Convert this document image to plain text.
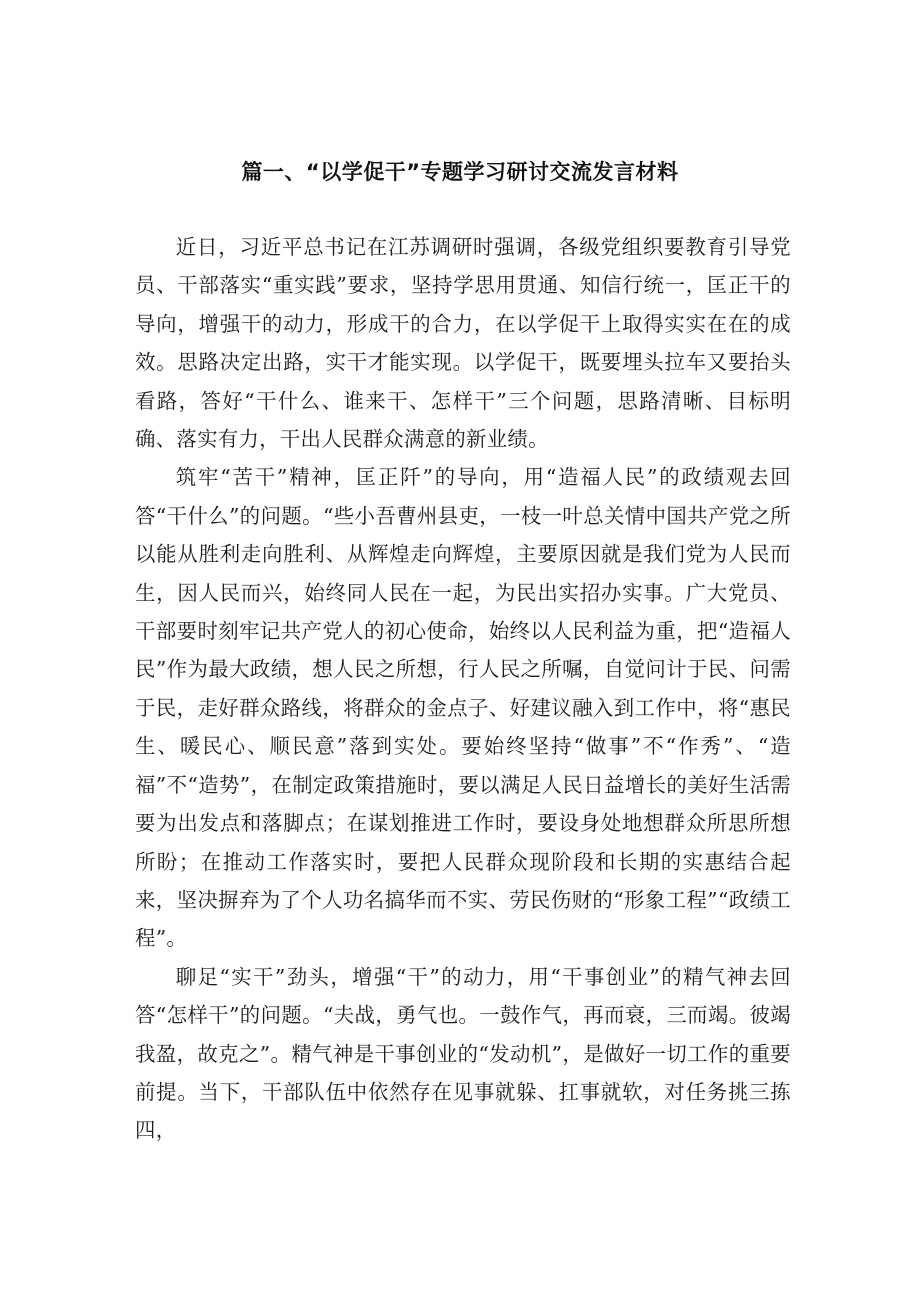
篇一、“以学促干”专题学习研讨交流发言材料

近日，习近平总书记在江苏调研时强调，各级党组织要教育引导党员、干部落实“重实践”要求，坚持学思用贯通、知信行统一，匡正干的导向，增强干的动力，形成干的合力，在以学促干上取得实实在在的成效。思路决定出路，实干才能实现。以学促干，既要埋头拉车又要抬头看路，答好“干什么、谁来干、怎样干”三个问题，思路清晰、目标明确、落实有力，干出人民群众满意的新业绩。

筑牢“苦干”精神，匡正阡”的导向，用“造福人民”的政绩观去回答“干什么”的问题。“些小吾曹州县吏，一枝一叶总关情中国共产党之所以能从胜利走向胜利、从辉煌走向辉煌，主要原因就是我们党为人民而生，因人民而兴，始终同人民在一起，为民出实招办实事。广大党员、干部要时刻牢记共产党人的初心使命，始终以人民利益为重，把“造福人民”作为最大政绩，想人民之所想，行人民之所嘱，自觉问计于民、问需于民，走好群众路线，将群众的金点子、好建议融入到工作中，将“惠民生、暖民心、顺民意”落到实处。要始终坚持“做事”不“作秀”、“造福”不“造势”，在制定政策措施时，要以满足人民日益增长的美好生活需要为出发点和落脚点；在谋划推进工作时，要设身处地想群众所思所想所盼；在推动工作落实时，要把人民群众现阶段和长期的实惠结合起来，坚决摒弃为了个人功名搞华而不实、劳民伤财的“形象工程”“政绩工程”。

聊足“实干”劲头，增强“干”的动力，用“干事创业”的精气神去回答“怎样干”的问题。“夫战，勇气也。一鼓作气，再而衰，三而竭。彼竭我盈，故克之”。精气神是干事创业的“发动机”，是做好一切工作的重要前提。当下，干部队伍中依然存在见事就躲、扛事就软，对任务挑三拣四，
